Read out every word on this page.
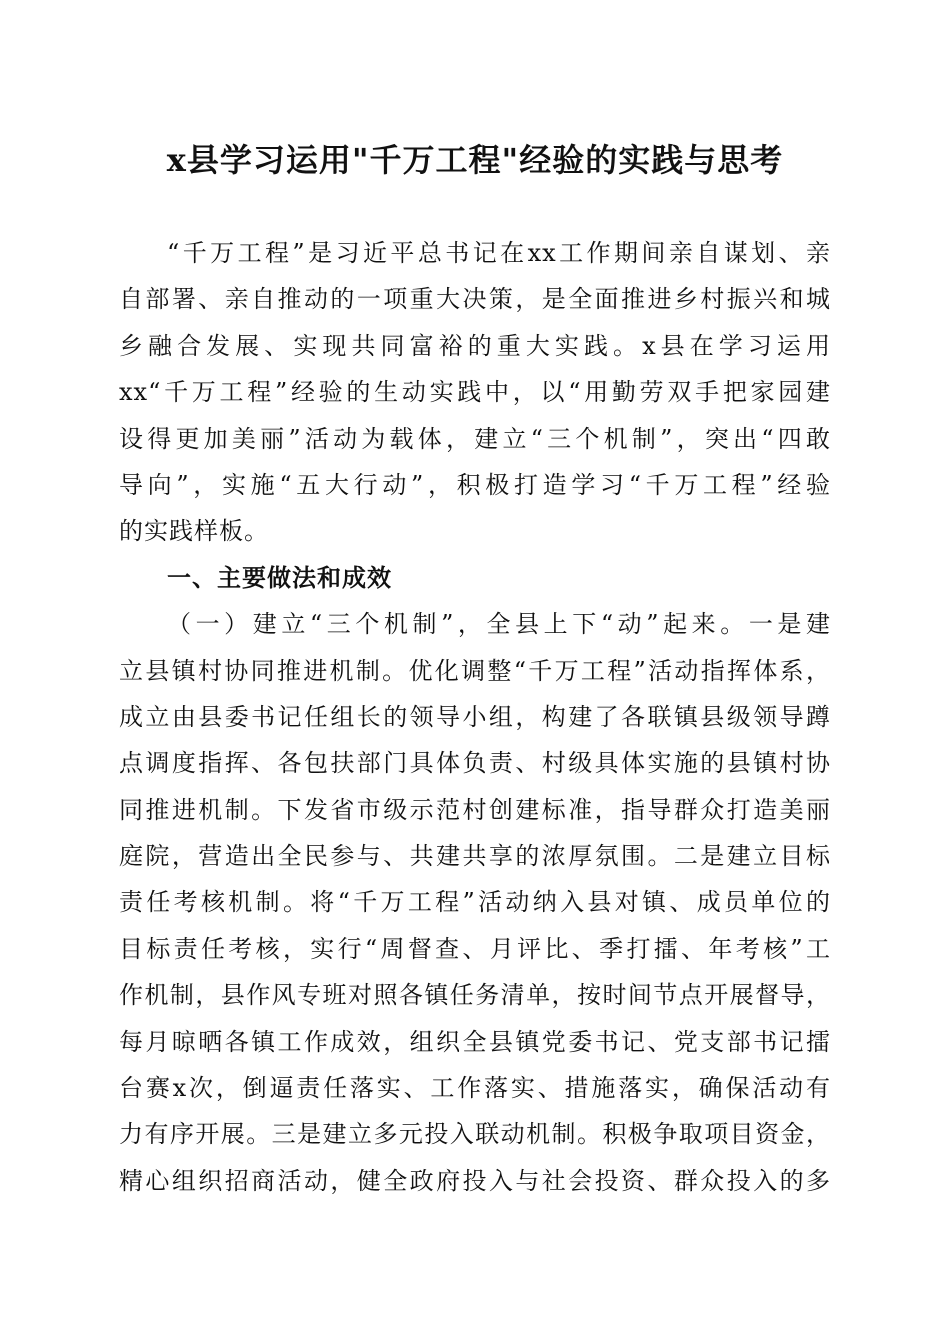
x县学习运用"千万工程"经验的实践与思考
“千万工程”是习近平总书记在xx工作期间亲自谋划、亲
自部署、亲自推动的一项重大决策，是全面推进乡村振兴和城
乡融合发展、实现共同富裕的重大实践。x县在学习运用
xx“千万工程”经验的生动实践中，以“用勤劳双手把家园建
设得更加美丽”活动为载体，建立“三个机制”，突出“四敢
导向”，实施“五大行动”，积极打造学习“千万工程”经验
的实践样板。
一、主要做法和成效
（一）建立“三个机制”，全县上下“动”起来。一是建
立县镇村协同推进机制。优化调整“千万工程”活动指挥体系，
成立由县委书记任组长的领导小组，构建了各联镇县级领导蹲
点调度指挥、各包扶部门具体负责、村级具体实施的县镇村协
同推进机制。下发省市级示范村创建标准，指导群众打造美丽
庭院，营造出全民参与、共建共享的浓厚氛围。二是建立目标
责任考核机制。将“千万工程”活动纳入县对镇、成员单位的
目标责任考核，实行“周督查、月评比、季打擂、年考核”工
作机制，县作风专班对照各镇任务清单，按时间节点开展督导，
每月晾晒各镇工作成效，组织全县镇党委书记、党支部书记擂
台赛x次，倒逼责任落实、工作落实、措施落实，确保活动有
力有序开展。三是建立多元投入联动机制。积极争取项目资金，
精心组织招商活动，健全政府投入与社会投资、群众投入的多
